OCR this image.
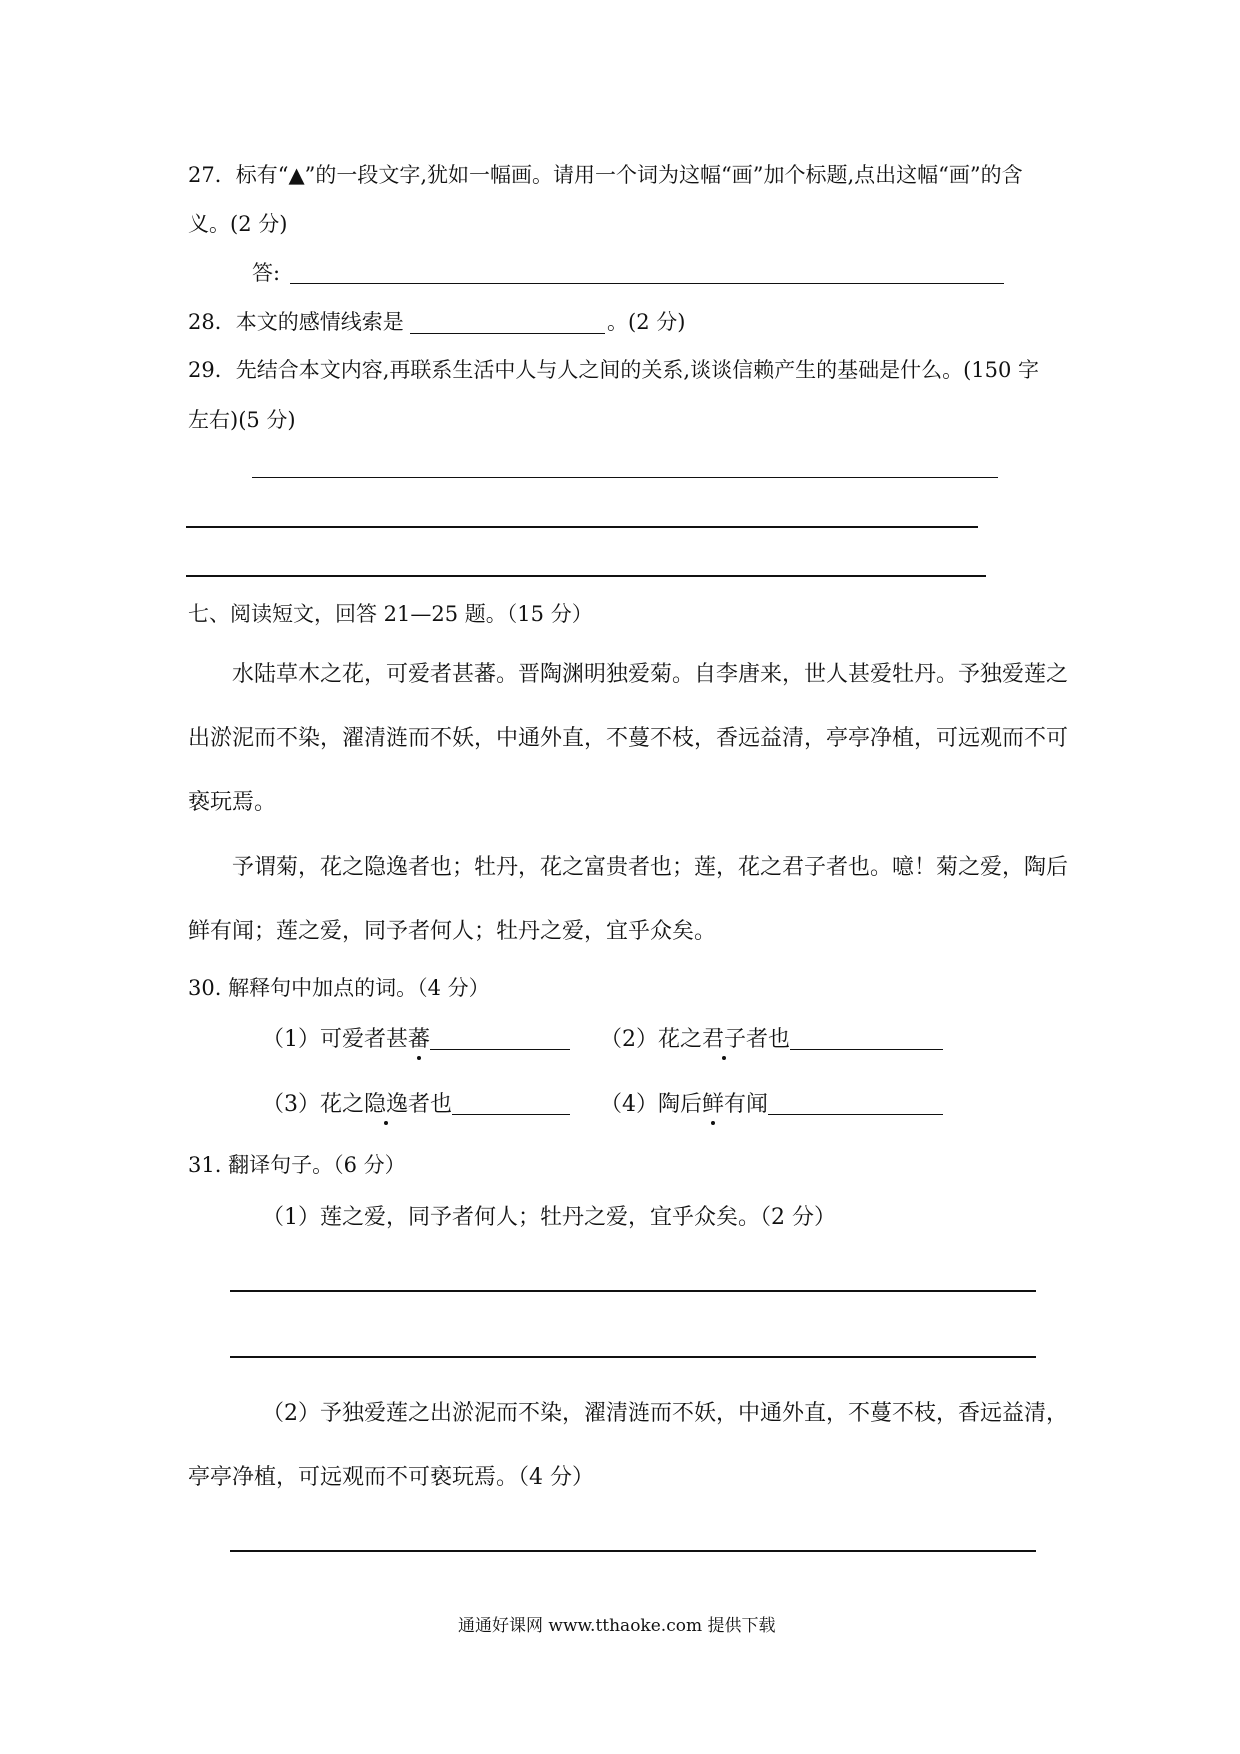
27．标有“▲”的一段文字,犹如一幅画。请用一个词为这幅“画”加个标题,点出这幅“画”的含
义。(2 分)
答:
28．本文的感情线索是	。(2 分)
29．先结合本文内容,再联系生活中人与人之间的关系,谈谈信赖产生的基础是什么。(150 字
左右)(5 分)
七、阅读短文，回答 21—25 题。（15 分）
水陆草木之花，可爱者甚蕃。晋陶渊明独爱菊。自李唐来，世人甚爱牡丹。予独爱莲之
出淤泥而不染，濯清涟而不妖，中通外直，不蔓不枝，香远益清，亭亭净植，可远观而不可
亵玩焉。
予谓菊，花之隐逸者也；牡丹，花之富贵者也；莲，花之君子者也。噫！菊之爱，陶后
鲜有闻；莲之爱，同予者何人；牡丹之爱，宜乎众矣。
30. 解释句中加点的词。（4 分）
（1）可爱者甚蕃	（2）花之君子者也
（3）花之隐逸者也	（4）陶后鲜有闻
31. 翻译句子。（6 分）
（1）莲之爱，同予者何人；牡丹之爱，宜乎众矣。（2 分）
（2）予独爱莲之出淤泥而不染，濯清涟而不妖，中通外直，不蔓不枝，香远益清，
亭亭净植，可远观而不可亵玩焉。（4 分）
通通好课网 www.tthaoke.com 提供下载
